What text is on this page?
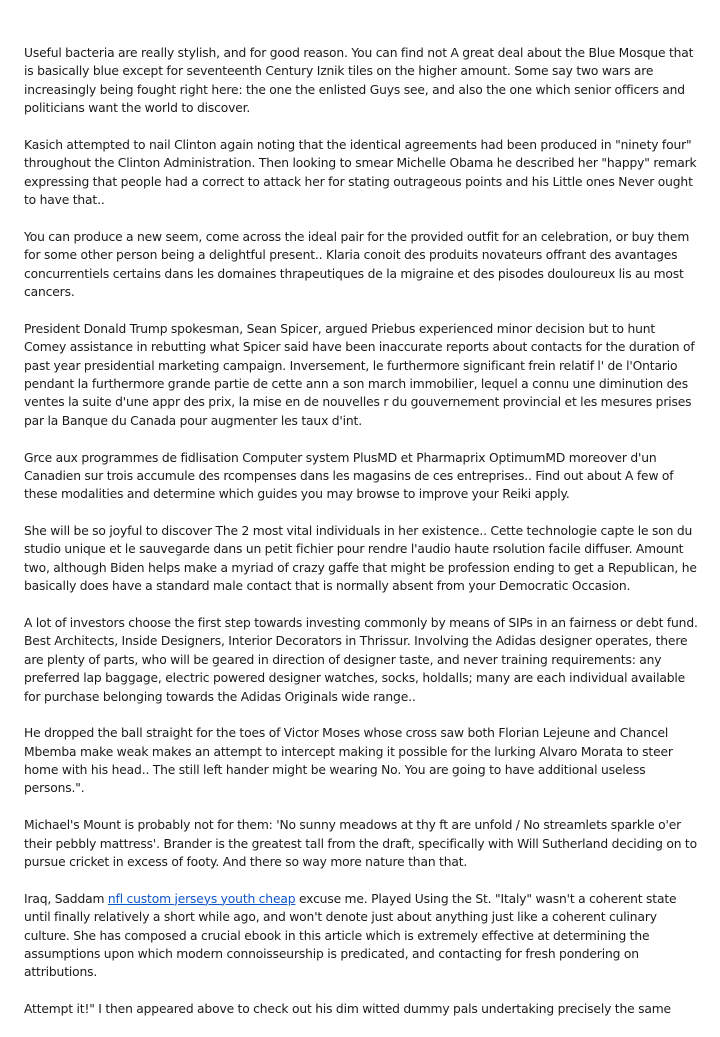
Useful bacteria are really stylish, and for good reason. You can find not A great deal about the Blue Mosque that is basically blue except for seventeenth Century Iznik tiles on the higher amount. Some say two wars are increasingly being fought right here: the one the enlisted Guys see, and also the one which senior officers and politicians want the world to discover.

Kasich attempted to nail Clinton again noting that the identical agreements had been produced in "ninety four" throughout the Clinton Administration. Then looking to smear Michelle Obama he described her "happy" remark expressing that people had a correct to attack her for stating outrageous points and his Little ones Never ought to have that..

You can produce a new seem, come across the ideal pair for the provided outfit for an celebration, or buy them for some other person being a delightful present.. Klaria conoit des produits novateurs offrant des avantages concurrentiels certains dans les domaines thrapeutiques de la migraine et des pisodes douloureux lis au most cancers.

President Donald Trump spokesman, Sean Spicer, argued Priebus experienced minor decision but to hunt Comey assistance in rebutting what Spicer said have been inaccurate reports about contacts for the duration of past year presidential marketing campaign. Inversement, le furthermore significant frein relatif l' de l'Ontario pendant la furthermore grande partie de cette ann a son march immobilier, lequel a connu une diminution des ventes la suite d'une appr des prix, la mise en de nouvelles r du gouvernement provincial et les mesures prises par la Banque du Canada pour augmenter les taux d'int.

Grce aux programmes de fidlisation Computer system PlusMD et Pharmaprix OptimumMD moreover d'un Canadien sur trois accumule des rcompenses dans les magasins de ces entreprises.. Find out about A few of these modalities and determine which guides you may browse to improve your Reiki apply.

She will be so joyful to discover The 2 most vital individuals in her existence.. Cette technologie capte le son du studio unique et le sauvegarde dans un petit fichier pour rendre l'audio haute rsolution facile diffuser. Amount two, although Biden helps make a myriad of crazy gaffe that might be profession ending to get a Republican, he basically does have a standard male contact that is normally absent from your Democratic Occasion.

A lot of investors choose the first step towards investing commonly by means of SIPs in an fairness or debt fund. Best Architects, Inside Designers, Interior Decorators in Thrissur. Involving the Adidas designer operates, there are plenty of parts, who will be geared in direction of designer taste, and never training requirements: any preferred lap baggage, electric powered designer watches, socks, holdalls; many are each individual available for purchase belonging towards the Adidas Originals wide range..

He dropped the ball straight for the toes of Victor Moses whose cross saw both Florian Lejeune and Chancel Mbemba make weak makes an attempt to intercept making it possible for the lurking Alvaro Morata to steer home with his head.. The still left hander might be wearing No. You are going to have additional useless persons.".

Michael's Mount is probably not for them: 'No sunny meadows at thy ft are unfold / No streamlets sparkle o'er their pebbly mattress'. Brander is the greatest tall from the draft, specifically with Will Sutherland deciding on to pursue cricket in excess of footy. And there so way more nature than that.

Iraq, Saddam nfl custom jerseys youth cheap excuse me. Played Using the St. "Italy" wasn't a coherent state until finally relatively a short while ago, and won't denote just about anything just like a coherent culinary culture. She has composed a crucial ebook in this article which is extremely effective at determining the assumptions upon which modern connoisseurship is predicated, and contacting for fresh pondering on attributions.

Attempt it!" I then appeared above to check out his dim witted dummy pals undertaking precisely the same
